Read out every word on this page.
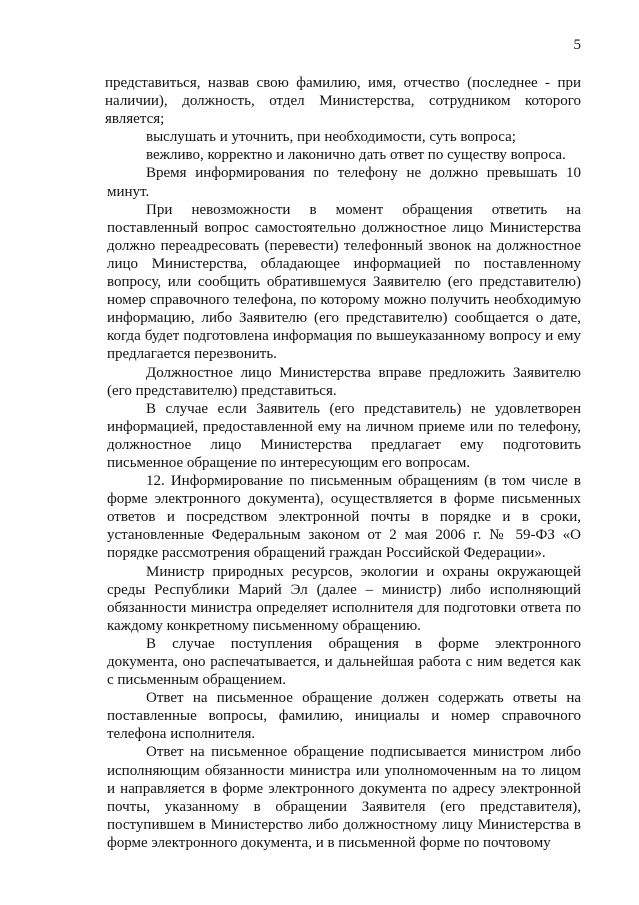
5

представиться, назвав свою фамилию, имя, отчество (последнее - при наличии), должность, отдел Министерства, сотрудником которого является;

выслушать и уточнить, при необходимости, суть вопроса;

вежливо, корректно и лаконично дать ответ по существу вопроса.

Время информирования по телефону не должно превышать 10 минут.

При невозможности в момент обращения ответить на поставленный вопрос самостоятельно должностное лицо Министерства должно переадресовать (перевести) телефонный звонок на должностное лицо Министерства, обладающее информацией по поставленному вопросу, или сообщить обратившемуся Заявителю (его представителю) номер справочного телефона, по которому можно получить необходимую информацию, либо Заявителю (его представителю) сообщается о дате, когда будет подготовлена информация по вышеуказанному вопросу и ему предлагается перезвонить.

Должностное лицо Министерства вправе предложить Заявителю (его представителю) представиться.

В случае если Заявитель (его представитель) не удовлетворен информацией, предоставленной ему на личном приеме или по телефону, должностное лицо Министерства предлагает ему подготовить письменное обращение по интересующим его вопросам.

12. Информирование по письменным обращениям (в том числе в форме электронного документа), осуществляется в форме письменных ответов и посредством электронной почты в порядке и в сроки, установленные Федеральным законом от 2 мая 2006 г. № 59-ФЗ «О порядке рассмотрения обращений граждан Российской Федерации».

Министр природных ресурсов, экологии и охраны окружающей среды Республики Марий Эл (далее – министр) либо исполняющий обязанности министра определяет исполнителя для подготовки ответа по каждому конкретному письменному обращению.

В случае поступления обращения в форме электронного документа, оно распечатывается, и дальнейшая работа с ним ведется как с письменным обращением.

Ответ на письменное обращение должен содержать ответы на поставленные вопросы, фамилию, инициалы и номер справочного телефона исполнителя.

Ответ на письменное обращение подписывается министром либо исполняющим обязанности министра или уполномоченным на то лицом и направляется в форме электронного документа по адресу электронной почты, указанному в обращении Заявителя (его представителя), поступившем в Министерство либо должностному лицу Министерства в форме электронного документа, и в письменной форме по почтовому
